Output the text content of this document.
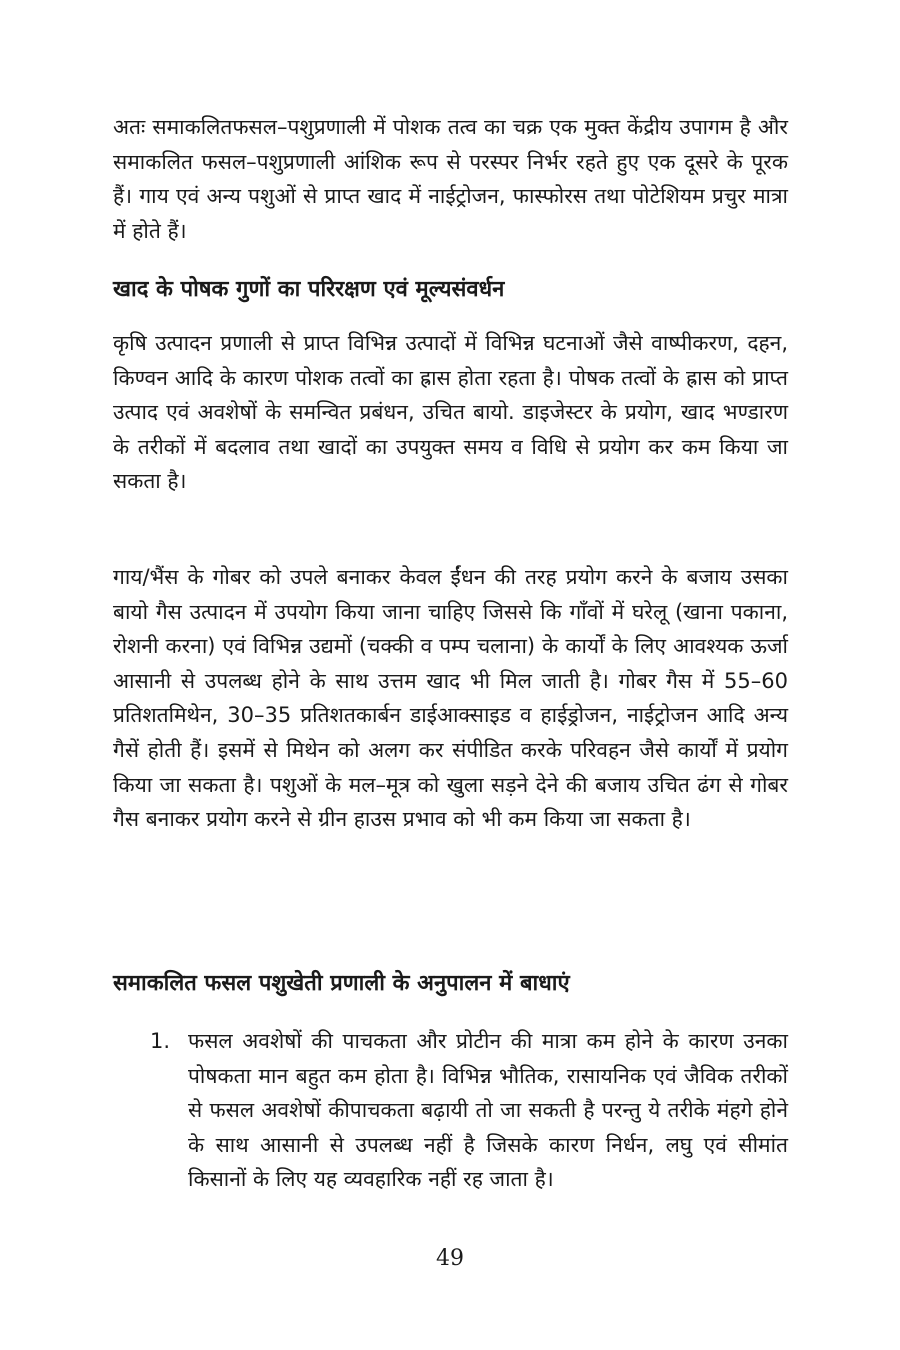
अतः समाकलितफसल–पशुप्रणाली में पोशक तत्व का चक्र एक मुक्त केंद्रीय उपागम है और समाकलित फसल–पशुप्रणाली आंशिक रूप से परस्पर निर्भर रहते हुए एक दूसरे के पूरक हैं। गाय एवं अन्य पशुओं से प्राप्त खाद में नाईट्रोजन, फास्फोरस तथा पोटेशियम प्रचुर मात्रा में होते हैं।

खाद के पोषक गुणों का परिरक्षण एवं मूल्यसंवर्धन

कृषि उत्पादन प्रणाली से प्राप्त विभिन्न उत्पादों में विभिन्न घटनाओं जैसे वाष्पीकरण, दहन, किण्वन आदि के कारण पोशक तत्वों का ह्रास होता रहता है। पोषक तत्वों के ह्रास को प्राप्त उत्पाद एवं अवशेषों के समन्वित प्रबंधन, उचित बायो. डाइजेस्टर के प्रयोग, खाद भण्डारण के तरीकों में बदलाव तथा खादों का उपयुक्त समय व विधि से प्रयोग कर कम किया जा सकता है।

गाय/भैंस के गोबर को उपले बनाकर केवल ईंधन की तरह प्रयोग करने के बजाय उसका बायो गैस उत्पादन में उपयोग किया जाना चाहिए जिससे कि गाँवों में घरेलू (खाना पकाना, रोशनी करना) एवं विभिन्न उद्यमों (चक्की व पम्प चलाना) के कार्यों के लिए आवश्यक ऊर्जा आसानी से उपलब्ध होने के साथ उत्तम खाद भी मिल जाती है। गोबर गैस में 55–60 प्रतिशतमिथेन, 30–35 प्रतिशतकार्बन डाईआक्साइड व हाईड्रोजन, नाईट्रोजन आदि अन्य गैसें होती हैं। इसमें से मिथेन को अलग कर संपीडित करके परिवहन जैसे कार्यों में प्रयोग किया जा सकता है। पशुओं के मल–मूत्र को खुला सड़ने देने की बजाय उचित ढंग से गोबर गैस बनाकर प्रयोग करने से ग्रीन हाउस प्रभाव को भी कम किया जा सकता है।

समाकलित फसल पशुखेती प्रणाली के अनुपालन में बाधाएं
1. फसल अवशेषों की पाचकता और प्रोटीन की मात्रा कम होने के कारण उनका पोषकता मान बहुत कम होता है। विभिन्न भौतिक, रासायनिक एवं जैविक तरीकों से फसल अवशेषों कीपाचकता बढ़ायी तो जा सकती है परन्तु ये तरीके मंहगे होने के साथ आसानी से उपलब्ध नहीं है जिसके कारण निर्धन, लघु एवं सीमांत किसानों के लिए यह व्यवहारिक नहीं रह जाता है।

49
